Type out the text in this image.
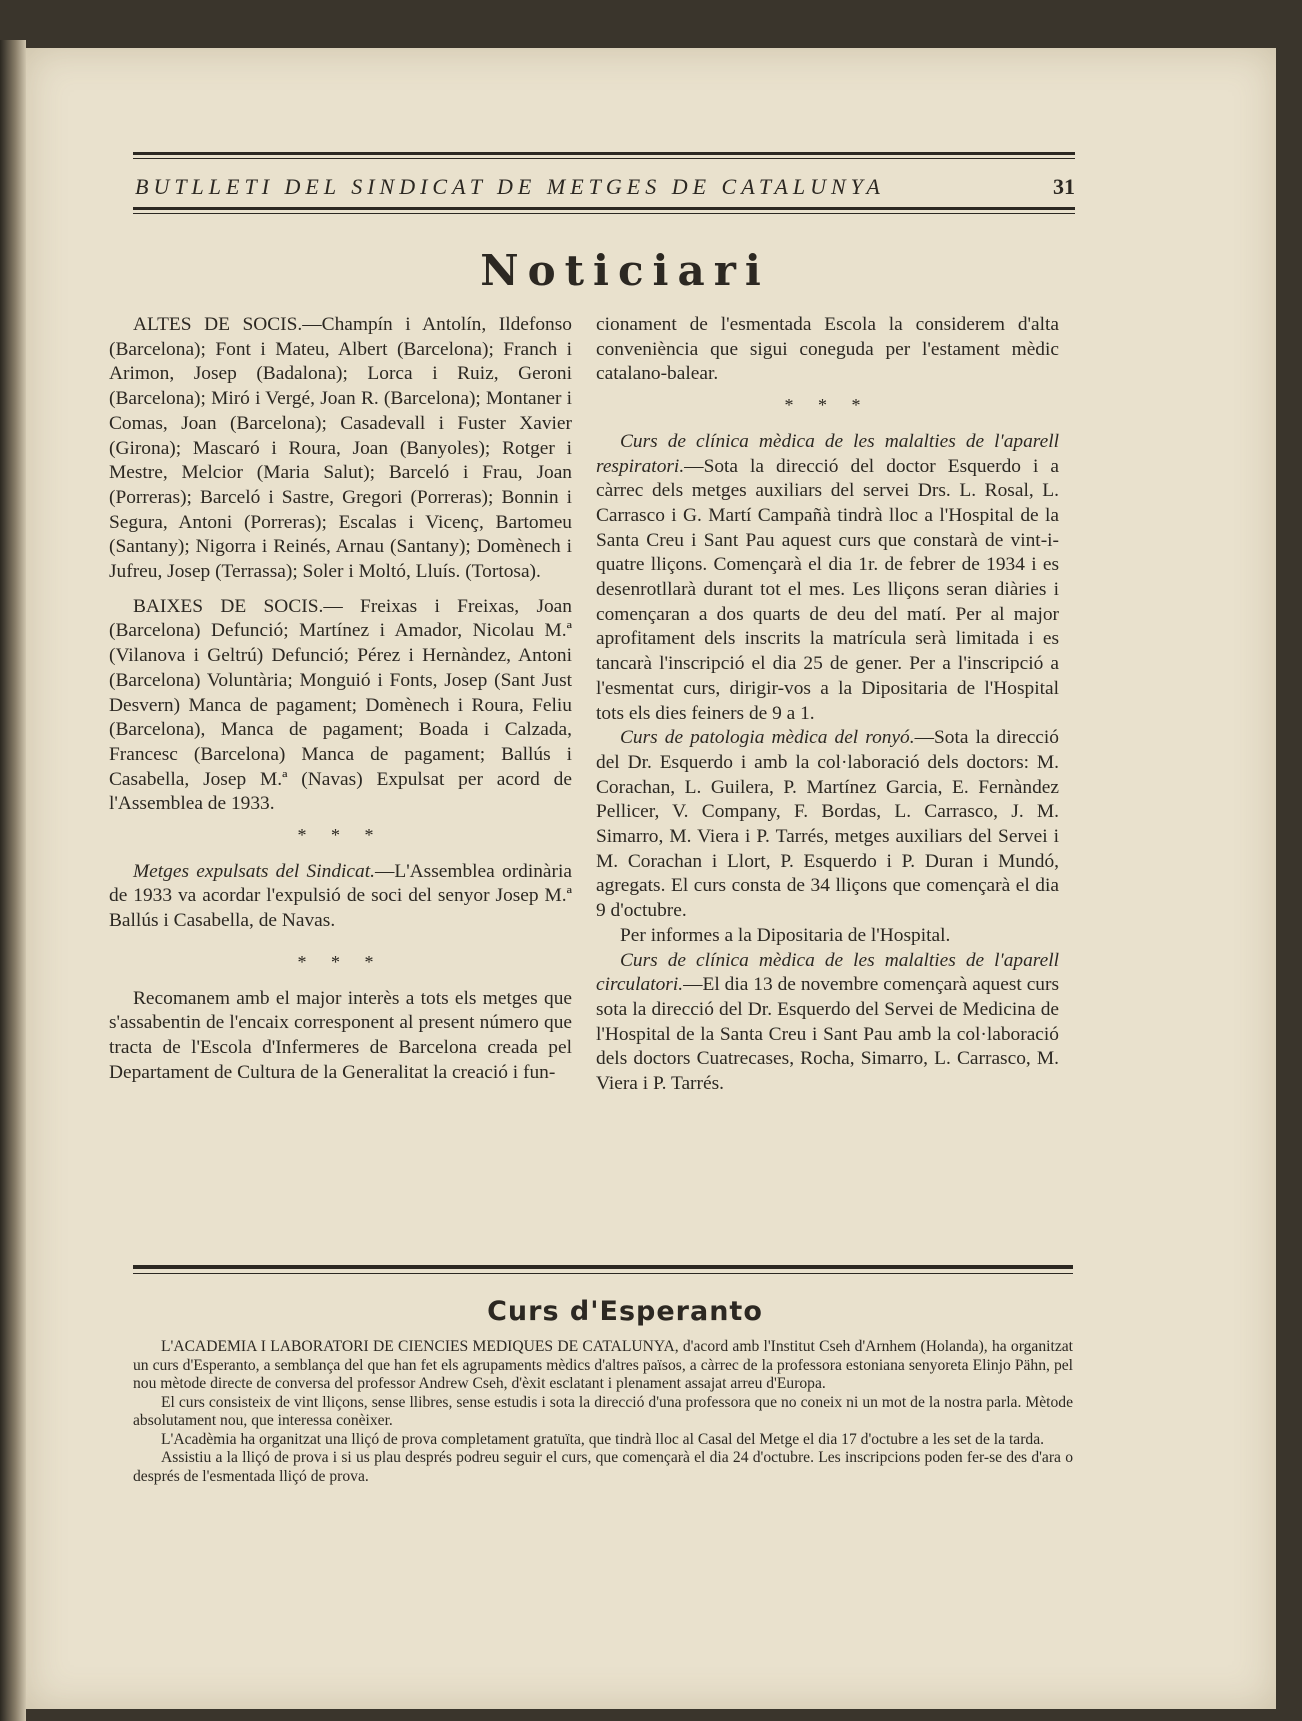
BUTLLETI DEL SINDICAT DE METGES DE CATALUNYA	31
Noticiari

ALTES DE SOCIS.—Champín i Antolín, Ildefonso (Barcelona); Font i Mateu, Albert (Barcelona); Franch i Arimon, Josep (Badalona); Lorca i Ruiz, Geroni (Barcelona); Miró i Vergé, Joan R. (Barcelona); Montaner i Comas, Joan (Barcelona); Casadevall i Fuster Xavier (Girona); Mascaró i Roura, Joan (Banyoles); Rotger i Mestre, Melcior (Maria Salut); Barceló i Frau, Joan (Porreras); Barceló i Sastre, Gregori (Porreras); Bonnin i Segura, Antoni (Porreras); Escalas i Vicenç, Bartomeu (Santany); Nigorra i Reinés, Arnau (Santany); Domènech i Jufreu, Josep (Terrassa); Soler i Moltó, Lluís. (Tortosa).

BAIXES DE SOCIS.— Freixas i Freixas, Joan (Barcelona) Defunció; Martínez i Amador, Nicolau M.ª (Vilanova i Geltrú) Defunció; Pérez i Hernàndez, Antoni (Barcelona) Voluntària; Monguió i Fonts, Josep (Sant Just Desvern) Manca de pagament; Domènech i Roura, Feliu (Barcelona), Manca de pagament; Boada i Calzada, Francesc (Barcelona) Manca de pagament; Ballús i Casabella, Josep M.ª (Navas) Expulsat per acord de l'Assemblea de 1933.

* * *

Metges expulsats del Sindicat.—L'Assemblea ordinària de 1933 va acordar l'expulsió de soci del senyor Josep M.ª Ballús i Casabella, de Navas.

* * *

Recomanem amb el major interès a tots els metges que s'assabentin de l'encaix corresponent al present número que tracta de l'Escola d'Infermeres de Barcelona creada pel Departament de Cultura de la Generalitat la creació i fun-

cionament de l'esmentada Escola la considerem d'alta conveniència que sigui coneguda per l'estament mèdic catalano-balear.

* * *

Curs de clínica mèdica de les malalties de l'aparell respiratori.—Sota la direcció del doctor Esquerdo i a càrrec dels metges auxiliars del servei Drs. L. Rosal, L. Carrasco i G. Martí Campañà tindrà lloc a l'Hospital de la Santa Creu i Sant Pau aquest curs que constarà de vint-i-quatre lliçons. Començarà el dia 1r. de febrer de 1934 i es desenrotllarà durant tot el mes. Les lliçons seran diàries i començaran a dos quarts de deu del matí. Per al major aprofitament dels inscrits la matrícula serà limitada i es tancarà l'inscripció el dia 25 de gener. Per a l'inscripció a l'esmentat curs, dirigir-vos a la Dipositaria de l'Hospital tots els dies feiners de 9 a 1.

Curs de patologia mèdica del ronyó.—Sota la direcció del Dr. Esquerdo i amb la col·laboració dels doctors: M. Corachan, L. Guilera, P. Martínez Garcia, E. Fernàndez Pellicer, V. Company, F. Bordas, L. Carrasco, J. M. Simarro, M. Viera i P. Tarrés, metges auxiliars del Servei i M. Corachan i Llort, P. Esquerdo i P. Duran i Mundó, agregats. El curs consta de 34 lliçons que començarà el dia 9 d'octubre.

Per informes a la Dipositaria de l'Hospital.

Curs de clínica mèdica de les malalties de l'aparell circulatori.—El dia 13 de novembre començarà aquest curs sota la direcció del Dr. Esquerdo del Servei de Medicina de l'Hospital de la Santa Creu i Sant Pau amb la col·laboració dels doctors Cuatrecases, Rocha, Simarro, L. Carrasco, M. Viera i P. Tarrés.

Curs d'Esperanto

L'ACADEMIA I LABORATORI DE CIENCIES MEDIQUES DE CATALUNYA, d'acord amb l'Institut Cseh d'Arnhem (Holanda), ha organitzat un curs d'Esperanto, a semblança del que han fet els agrupaments mèdics d'altres països, a càrrec de la professora estoniana senyoreta Elinjo Pähn, pel nou mètode directe de conversa del professor Andrew Cseh, d'èxit esclatant i plenament assajat arreu d'Europa.

El curs consisteix de vint lliçons, sense llibres, sense estudis i sota la direcció d'una professora que no coneix ni un mot de la nostra parla. Mètode absolutament nou, que interessa conèixer.

L'Acadèmia ha organitzat una lliçó de prova completament gratuïta, que tindrà lloc al Casal del Metge el dia 17 d'octubre a les set de la tarda.

Assistiu a la lliçó de prova i si us plau després podreu seguir el curs, que començarà el dia 24 d'octubre. Les inscripcions poden fer-se des d'ara o després de l'esmentada lliçó de prova.
